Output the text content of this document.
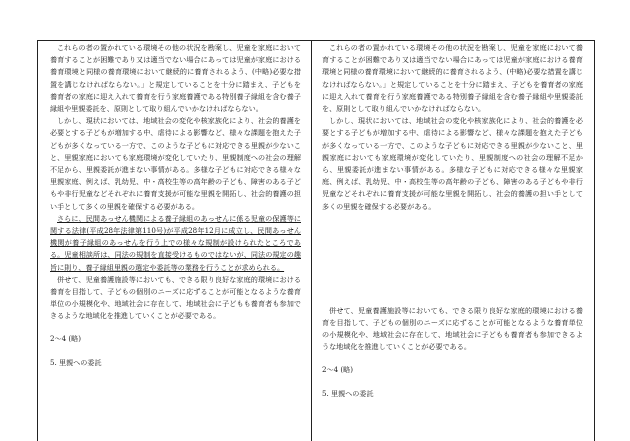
これらの者の置かれている環境その他の状況を勘案し、児童を家庭において養育することが困難であり又は適当でない場合にあっては児童が家庭における養育環境と同様の養育環境において継続的に養育されるよう、(中略)必要な措置を講じなければならない。」と規定していることを十分に踏まえ、子どもを養育者の家庭に迎え入れて養育を行う家庭養護である特別養子縁組を含む養子縁組や里親委託を、原則として取り組んでいかなければならない。

しかし、現状においては、地域社会の変化や核家族化により、社会的養護を必要とする子どもが増加する中、虐待による影響など、様々な課題を抱えた子どもが多くなっている一方で、このような子どもに対応できる里親が少ないこと、里親家庭においても家庭環境が変化していたり、里親制度への社会の理解不足から、里親委託が進まない事情がある。多様な子どもに対応できる様々な里親家庭、例えば、乳幼児、中・高校生等の高年齢の子ども、障害のある子どもや非行児童などそれぞれに養育支援が可能な里親を開拓し、社会的養護の担い手として多くの里親を確保する必要がある。

さらに、民間あっせん機関による養子縁組のあっせんに係る児童の保護等に関する法律(平成28年法律第110号)が平成28年12月に成立し、民間あっせん機関が養子縁組のあっせんを行う上での様々な規制が設けられたところである。児童相談所は、同法の規制を直接受けるものではないが、同法の規定の趣旨に則り、養子縁組里親の選定や委託等の業務を行うことが求められる。

併せて、児童養護施設等においても、できる限り良好な家庭的環境における養育を目指して、子どもの個別のニーズに応ずることが可能となるような養育単位の小規模化や、地域社会に存在して、地域社会に子どもも養育者も参加できるような地域化を推進していくことが必要である。

2～4 (略)

5. 里親への委託

これらの者の置かれている環境その他の状況を勘案し、児童を家庭において養育することが困難であり又は適当でない場合にあっては児童が家庭における養育環境と同様の養育環境において継続的に養育されるよう、(中略)必要な措置を講じなければならない。」と規定していることを十分に踏まえ、子どもを養育者の家庭に迎え入れて養育を行う家庭養護である特別養子縁組を含む養子縁組や里親委託を、原則として取り組んでいかなければならない。

しかし、現状においては、地域社会の変化や核家族化により、社会的養護を必要とする子どもが増加する中、虐待による影響など、様々な課題を抱えた子どもが多くなっている一方で、このような子どもに対応できる里親が少ないこと、里親家庭においても家庭環境が変化していたり、里親制度への社会の理解不足から、里親委託が進まない事情がある。多様な子どもに対応できる様々な里親家庭、例えば、乳幼児、中・高校生等の高年齢の子ども、障害のある子どもや非行児童などそれぞれに養育支援が可能な里親を開拓し、社会的養護の担い手として多くの里親を確保する必要がある。

併せて、児童養護施設等においても、できる限り良好な家庭的環境における養育を目指して、子どもの個別のニーズに応ずることが可能となるような養育単位の小規模化や、地域社会に存在して、地域社会に子どもも養育者も参加できるような地域化を推進していくことが必要である。

2～4 (略)

5. 里親への委託
